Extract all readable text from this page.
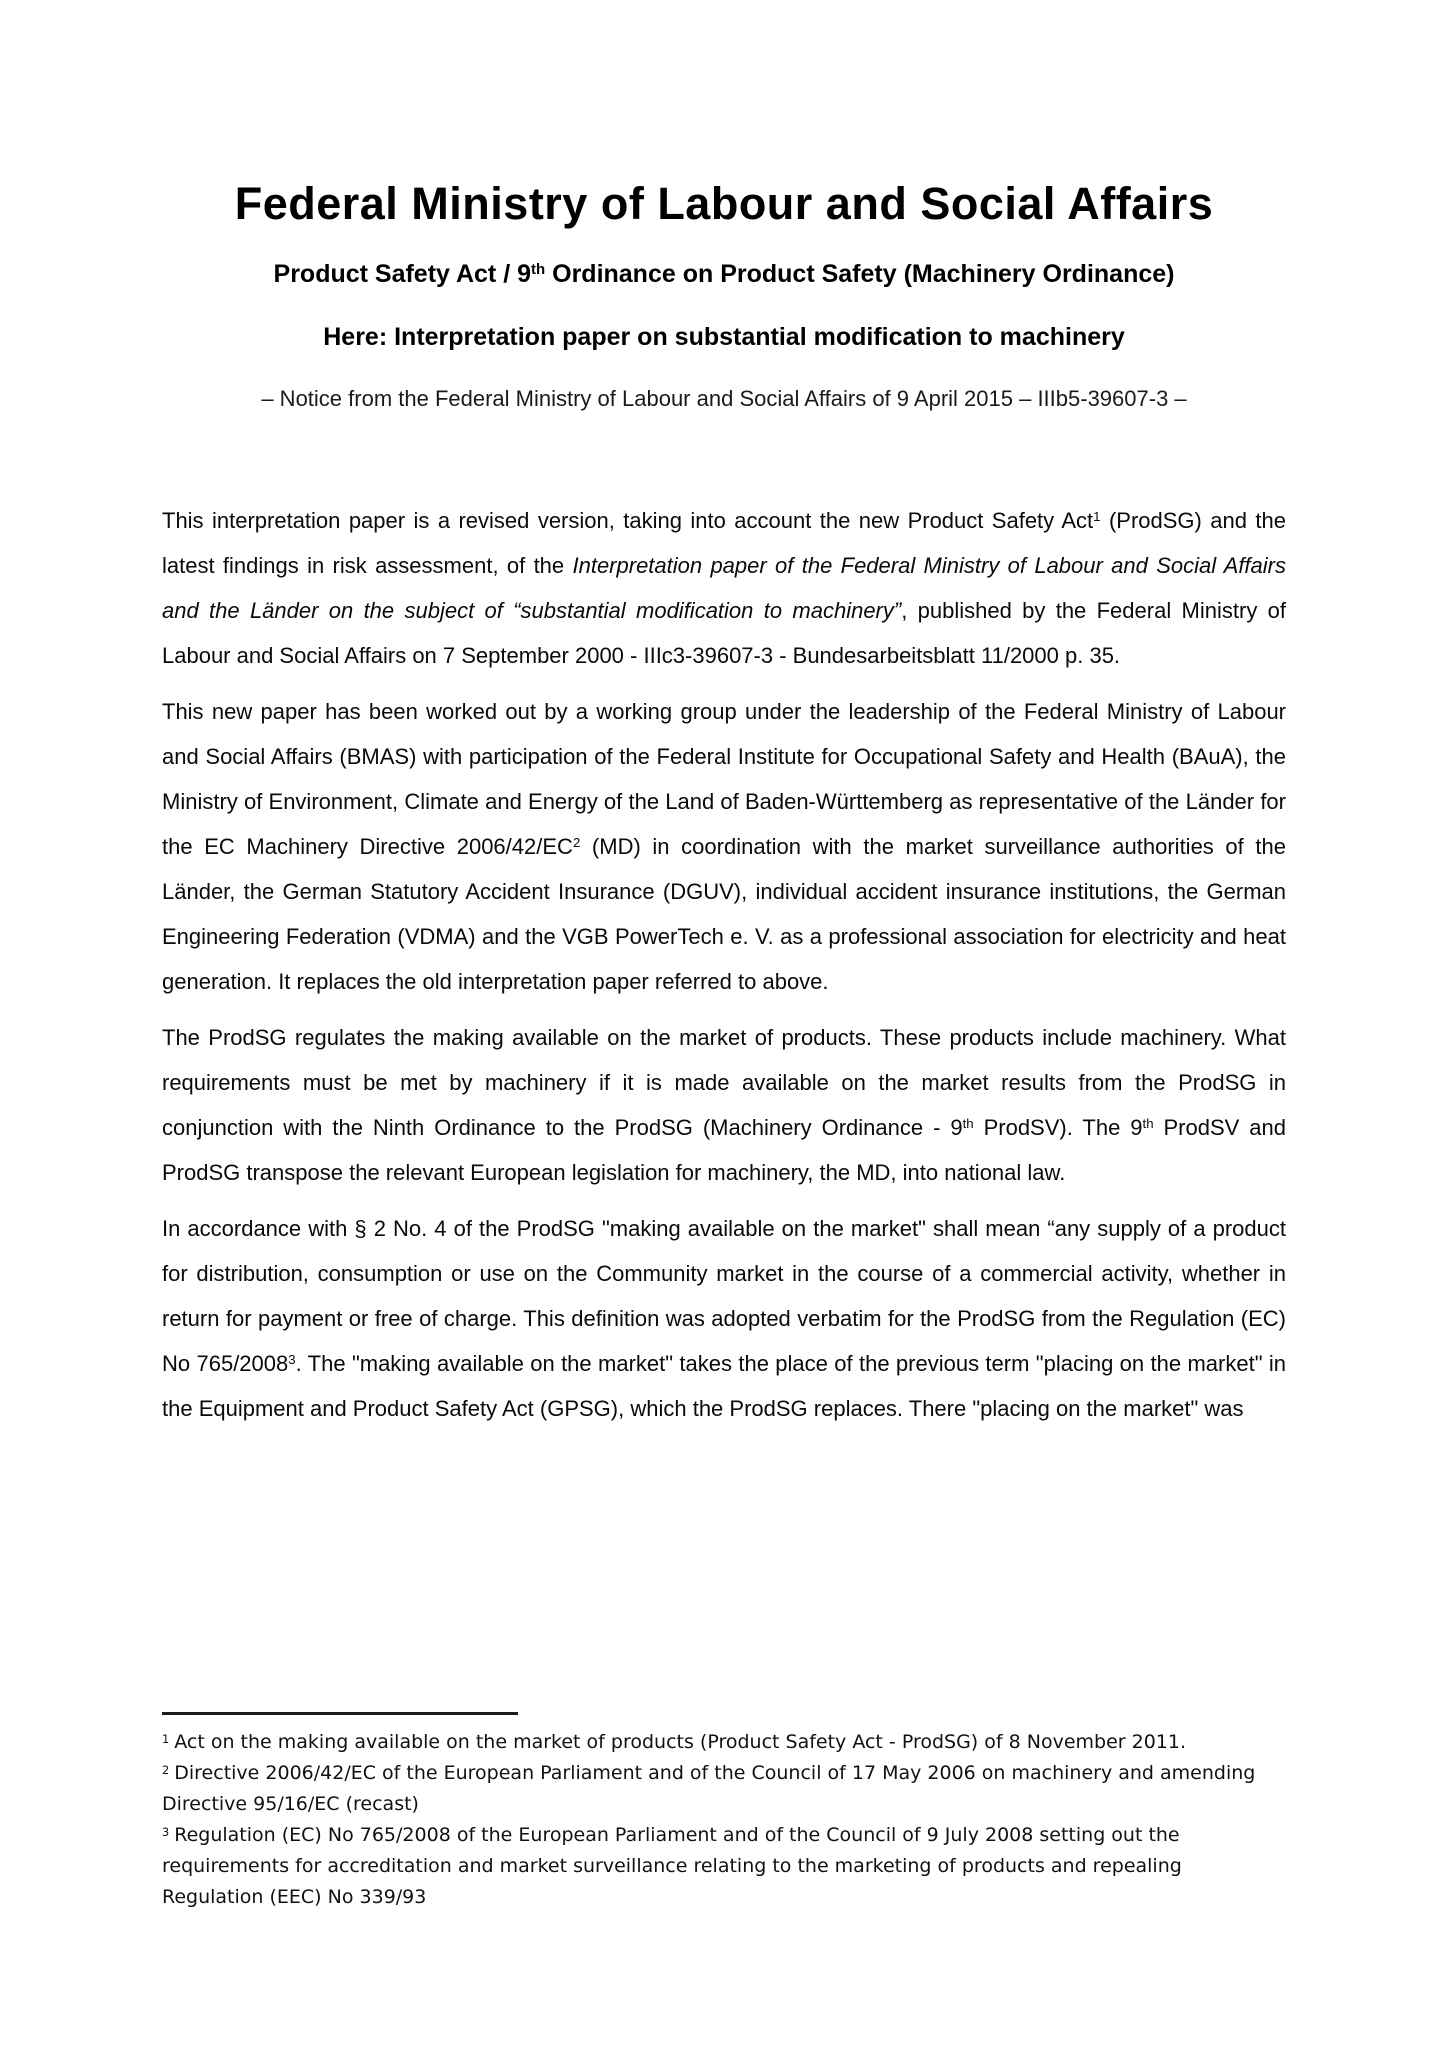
Federal Ministry of Labour and Social Affairs
Product Safety Act / 9th Ordinance on Product Safety (Machinery Ordinance)
Here: Interpretation paper on substantial modification to machinery
– Notice from the Federal Ministry of Labour and Social Affairs of 9 April 2015 – IIIb5-39607-3 –

This interpretation paper is a revised version, taking into account the new Product Safety Act$^1$ (ProdSG) and the latest findings in risk assessment, of the Interpretation paper of the Federal Ministry of Labour and Social Affairs and the Länder on the subject of “substantial modification to machinery”, published by the Federal Ministry of Labour and Social Affairs on 7 September 2000 - IIIc3-39607-3 - Bundesarbeitsblatt 11/2000 p. 35.

This new paper has been worked out by a working group under the leadership of the Federal Ministry of Labour and Social Affairs (BMAS) with participation of the Federal Institute for Occupational Safety and Health (BAuA), the Ministry of Environment, Climate and Energy of the Land of Baden-Württemberg as representative of the Länder for the EC Machinery Directive $2006/42/EC^2$ (MD) in coordination with the market surveillance authorities of the Länder, the German Statutory Accident Insurance (DGUV), individual accident insurance institutions, the German Engineering Federation (VDMA) and the VGB PowerTech e. V. as a professional association for electricity and heat generation. It replaces the old interpretation paper referred to above.

The ProdSG regulates the making available on the market of products. These products include machinery. What requirements must be met by machinery if it is made available on the market results from the ProdSG in conjunction with the Ninth Ordinance to the ProdSG (Machinery Ordinance - 9th ProdSV). The 9th ProdSV and ProdSG transpose the relevant European legislation for machinery, the MD, into national law.

In accordance with § 2 No. 4 of the ProdSG "making available on the market" shall mean “any supply of a product for distribution, consumption or use on the Community market in the course of a commercial activity, whether in return for payment or free of charge. This definition was adopted verbatim for the ProdSG from the Regulation (EC) No 765/2008$^3$. The "making available on the market" takes the place of the previous term "placing on the market" in the Equipment and Product Safety Act (GPSG), which the ProdSG replaces. There "placing on the market" was

$^1$ Act on the making available on the market of products (Product Safety Act - ProdSG) of 8 November 2011.
$^2$ Directive 2006/42/EC of the European Parliament and of the Council of 17 May 2006 on machinery and amending Directive 95/16/EC (recast)
$^3$ Regulation (EC) No 765/2008 of the European Parliament and of the Council of 9 July 2008 setting out the requirements for accreditation and market surveillance relating to the marketing of products and repealing Regulation (EEC) No 339/93
